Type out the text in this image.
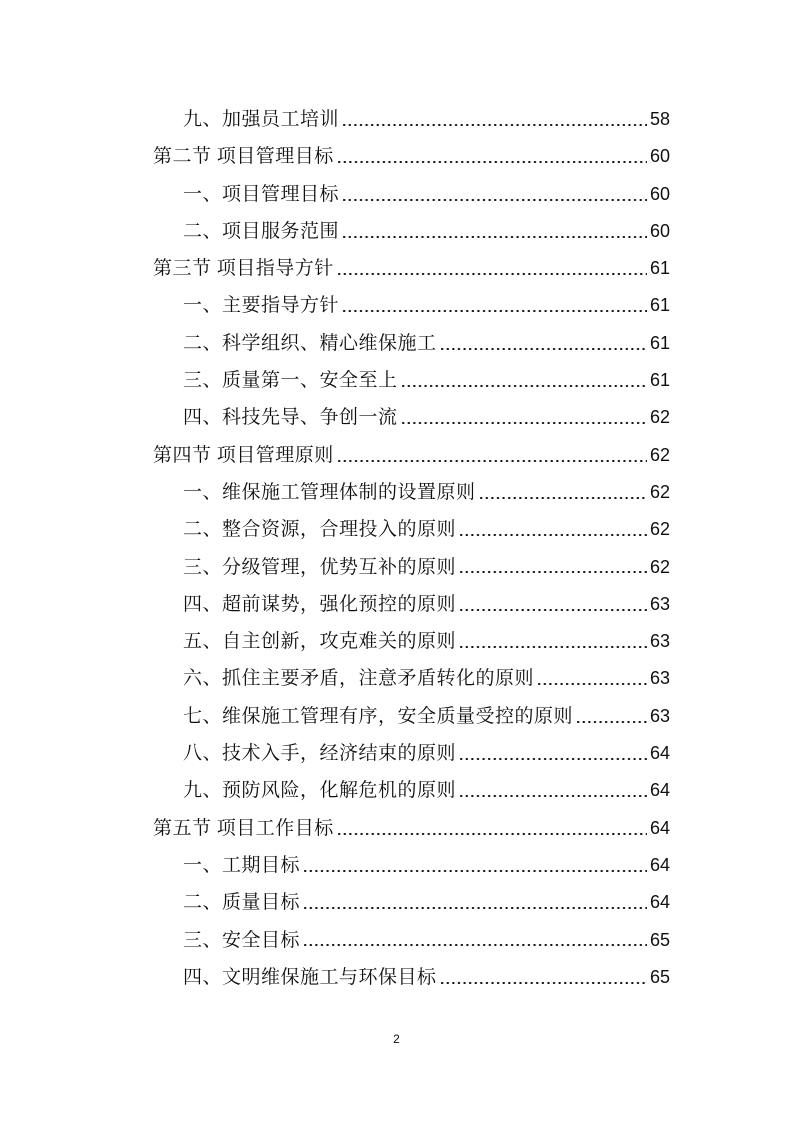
九、加强员工培训	58
第二节 项目管理目标	60
一、项目管理目标	60
二、项目服务范围	60
第三节 项目指导方针	61
一、主要指导方针	61
二、科学组织、精心维保施工	61
三、质量第一、安全至上	61
四、科技先导、争创一流	62
第四节 项目管理原则	62
一、维保施工管理体制的设置原则	62
二、整合资源，合理投入的原则	62
三、分级管理，优势互补的原则	62
四、超前谋势，强化预控的原则	63
五、自主创新，攻克难关的原则	63
六、抓住主要矛盾，注意矛盾转化的原则	63
七、维保施工管理有序，安全质量受控的原则	63
八、技术入手，经济结束的原则	64
九、预防风险，化解危机的原则	64
第五节 项目工作目标	64
一、工期目标	64
二、质量目标	64
三、安全目标	65
四、文明维保施工与环保目标	65
2
